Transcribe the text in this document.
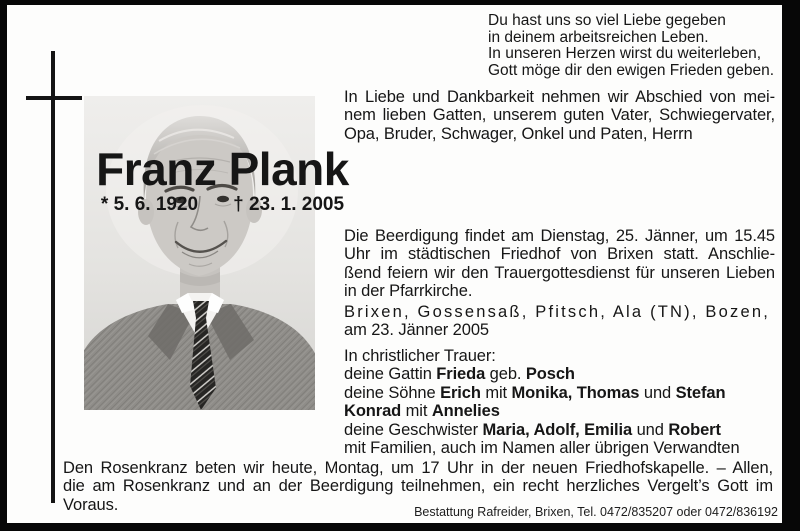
Du hast uns so viel Liebe gegeben
in deinem arbeitsreichen Leben.
In unseren Herzen wirst du weiterleben,
Gott möge dir den ewigen Frieden geben.
In Liebe und Dankbarkeit nehmen wir Abschied von mei-
nem lieben Gatten, unserem guten Vater, Schwiegervater,
Opa, Bruder, Schwager, Onkel und Paten, Herrn
Franz Plank
* 5. 6. 1920 † 23. 1. 2005
Die Beerdigung findet am Dienstag, 25. Jänner, um 15.45
Uhr im städtischen Friedhof von Brixen statt. Anschlie-
ßend feiern wir den Trauergottesdienst für unseren Lieben
in der Pfarrkirche.
Brixen, Gossensaß, Pfitsch, Ala (TN), Bozen,
am 23. Jänner 2005
In christlicher Trauer:
deine Gattin Frieda geb. Posch
deine Söhne Erich mit Monika, Thomas und Stefan
Konrad mit Annelies
deine Geschwister Maria, Adolf, Emilia und Robert
mit Familien, auch im Namen aller übrigen Verwandten
Den Rosenkranz beten wir heute, Montag, um 17 Uhr in der neuen Friedhofskapelle. – Allen,
die am Rosenkranz und an der Beerdigung teilnehmen, ein recht herzliches Vergelt’s Gott im
Voraus.	Bestattung Rafreider, Brixen, Tel. 0472/835207 oder 0472/836192
